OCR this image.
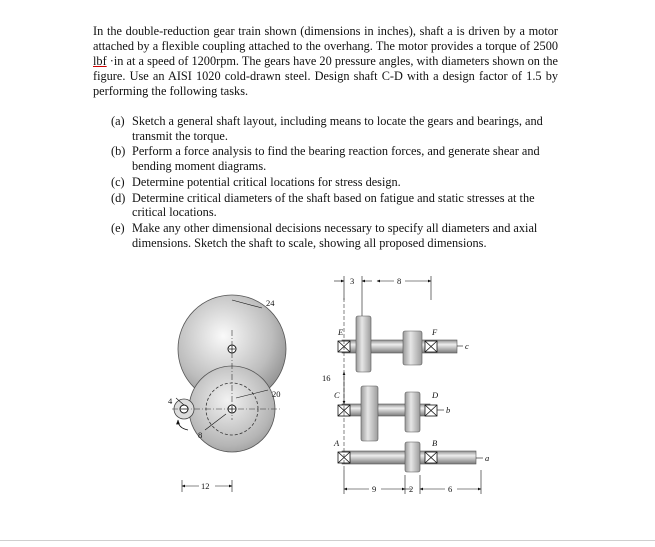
In the double-reduction gear train shown (dimensions in inches), shaft a is driven by a motor attached by a flexible coupling attached to the overhang. The motor provides a torque of 2500 lbf ·in at a speed of 1200rpm. The gears have 20 pressure angles, with diameters shown on the figure. Use an AISI 1020 cold-drawn steel. Design shaft C-D with a design factor of 1.5 by performing the following tasks.
(a) Sketch a general shaft layout, including means to locate the gears and bearings, and transmit the torque.
(b) Perform a force analysis to find the bearing reaction forces, and generate shear and bending moment diagrams.
(c) Determine potential critical locations for stress design.
(d) Determine critical diameters of the shaft based on fatigue and static stresses at the critical locations.
(e) Make any other dimensional decisions necessary to specify all diameters and axial dimensions. Sketch the shaft to scale, showing all proposed dimensions.
24
20
4
8
12
3	8
E	F
c
C	D
b
A	B
a
16
9	2	6
